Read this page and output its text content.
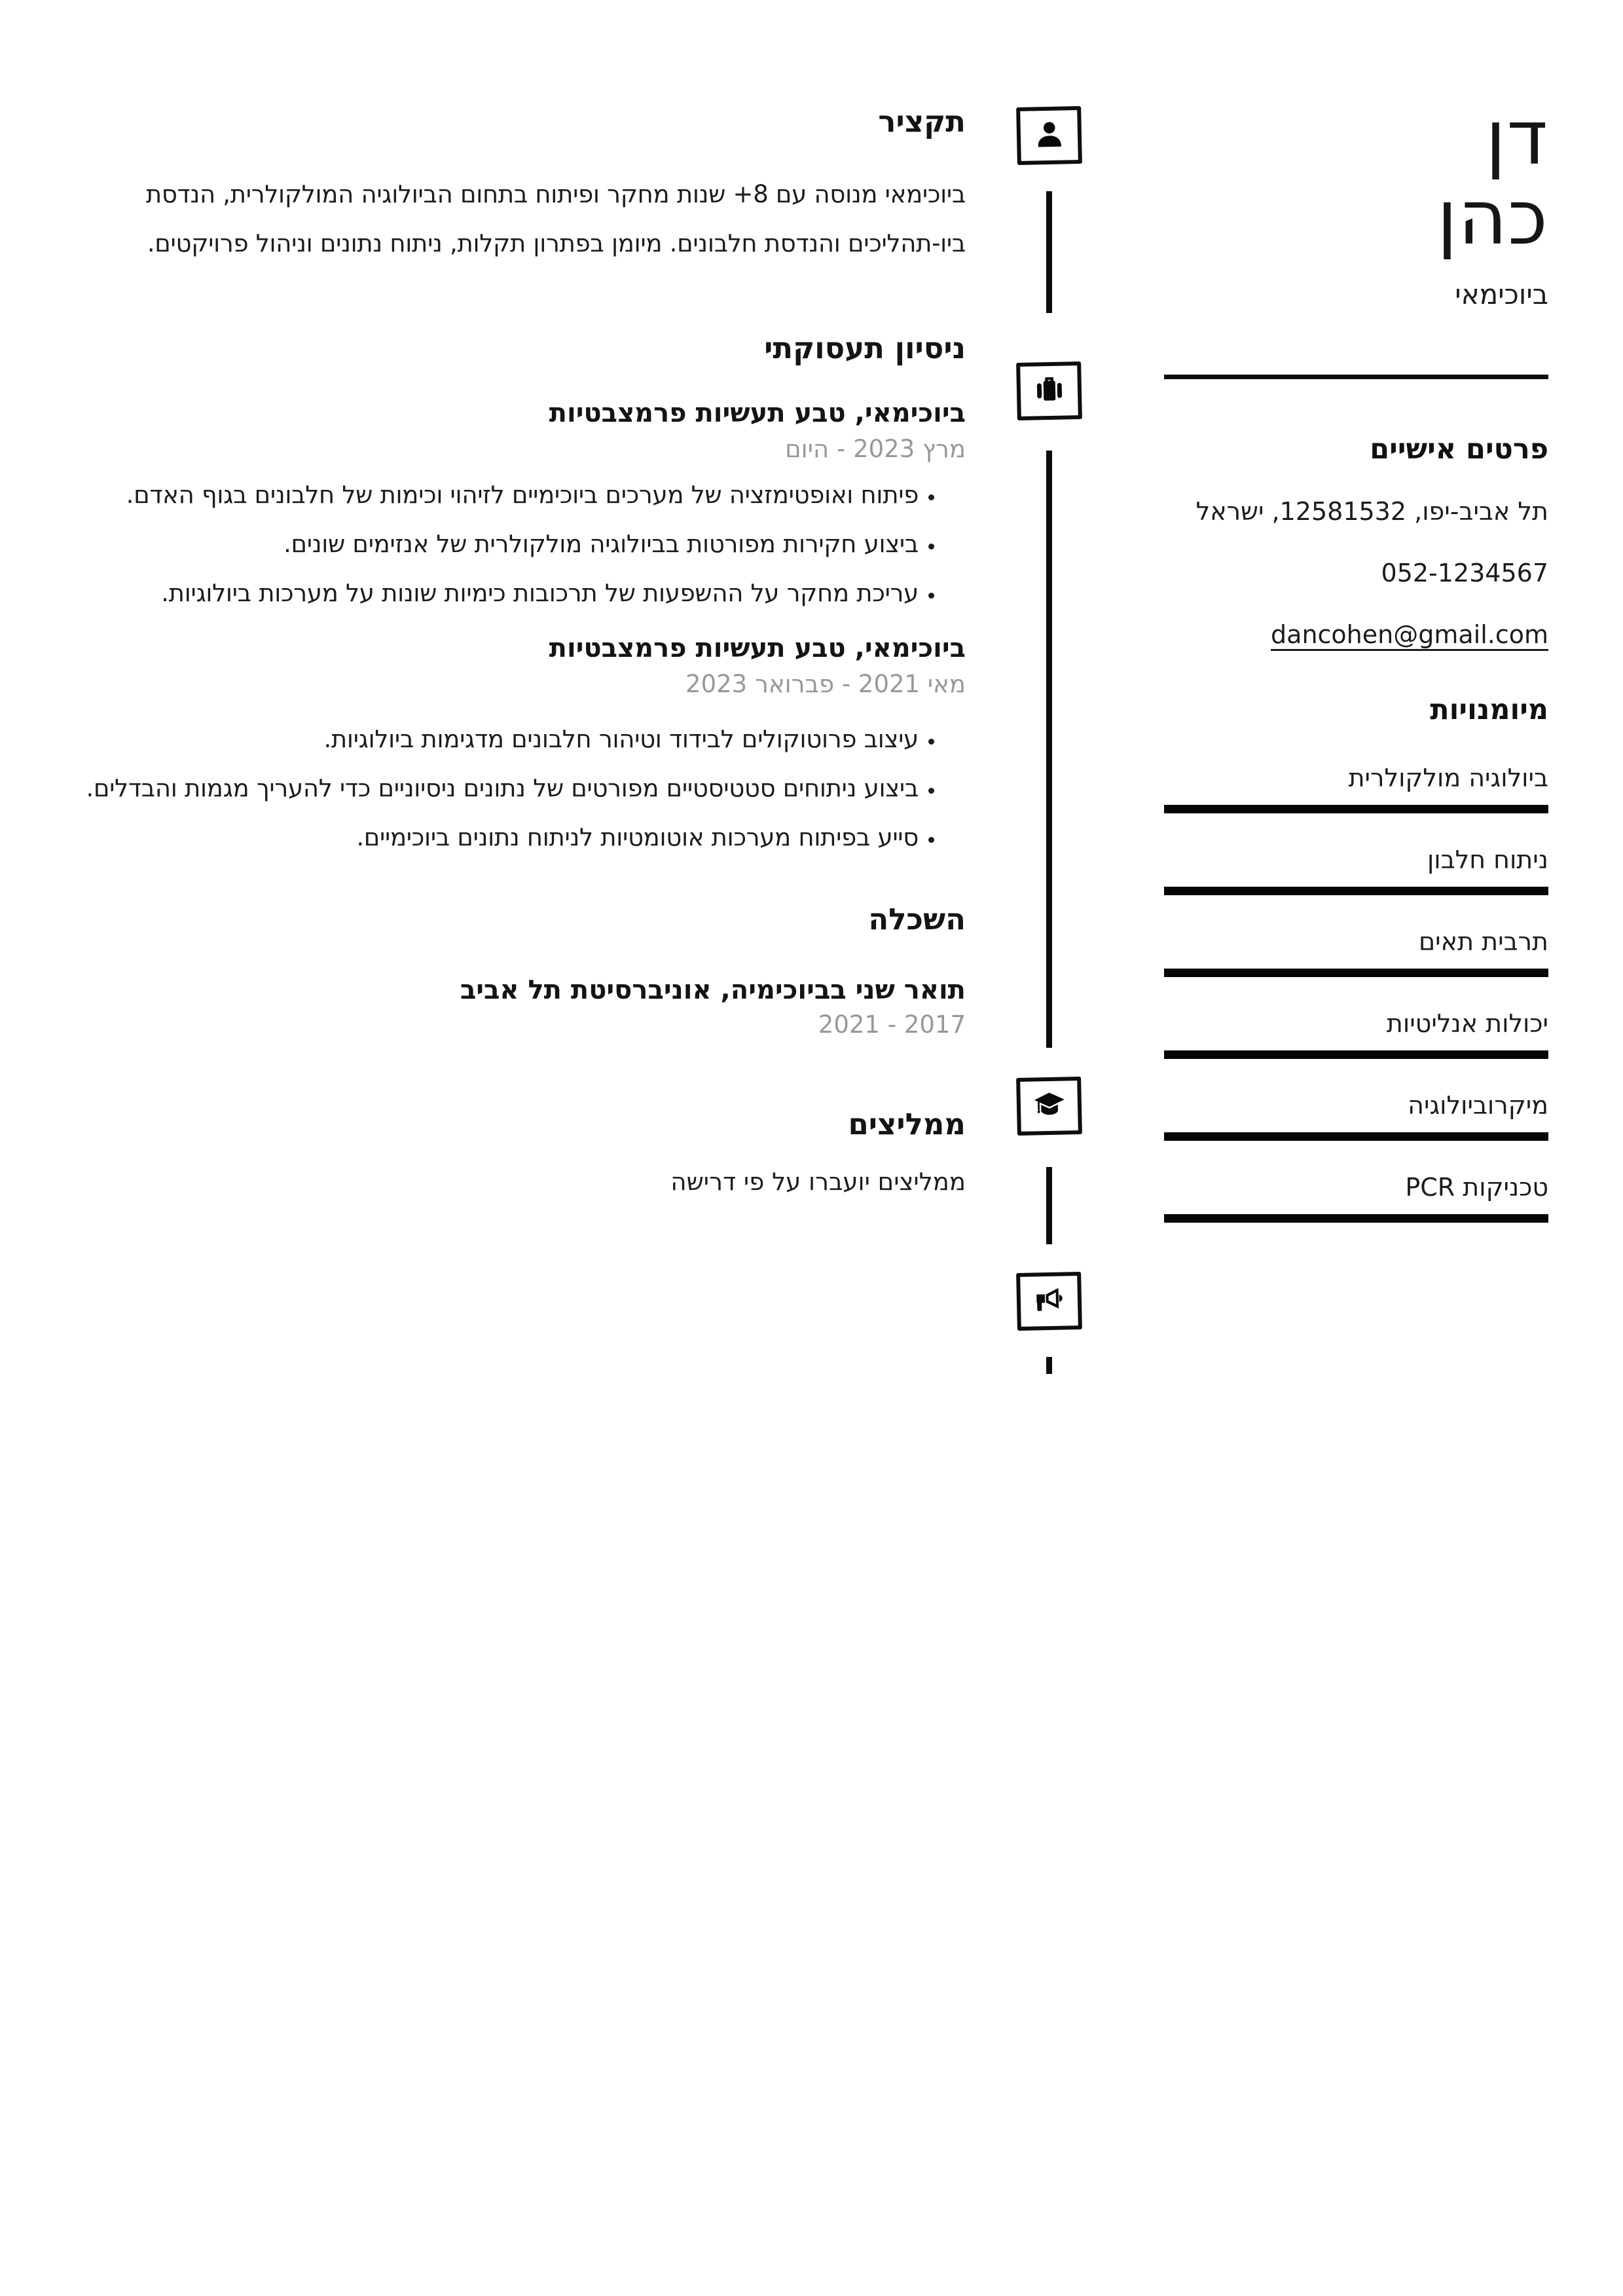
דן
כהן
ביוכימאי
פרטים אישיים

תל אביב-יפו, 12581532, ישראל

052-1234567

dancohen@gmail.com

מיומנויות
ביולוגיה מולקולרית
ניתוח חלבון
תרבית תאים
יכולות אנליטיות
מיקרוביולוגיה
טכניקות PCR
תקציר

ביוכימאי מנוסה עם 8+ שנות מחקר ופיתוח בתחום הביולוגיה המולקולרית, הנדסת ביו-תהליכים והנדסת חלבונים. מיומן בפתרון תקלות, ניתוח נתונים וניהול פרויקטים.

ניסיון תעסוקתי
ביוכימאי, טבע תעשיות פרמצבטיות

מרץ 2023 - היום

• פיתוח ואופטימזציה של מערכים ביוכימיים לזיהוי וכימות של חלבונים בגוף האדם.
• ביצוע חקירות מפורטות בביולוגיה מולקולרית של אנזימים שונים.
• עריכת מחקר על ההשפעות של תרכובות כימיות שונות על מערכות ביולוגיות.
ביוכימאי, טבע תעשיות פרמצבטיות

מאי 2021 - פברואר 2023

• עיצוב פרוטוקולים לבידוד וטיהור חלבונים מדגימות ביולוגיות.
• ביצוע ניתוחים סטטיסטיים מפורטים של נתונים ניסיוניים כדי להעריך מגמות והבדלים.
• סייע בפיתוח מערכות אוטומטיות לניתוח נתונים ביוכימיים.
השכלה
תואר שני בביוכימיה, אוניברסיטת תל אביב

2017 - 2021

ממליצים

ממליצים יועברו על פי דרישה
